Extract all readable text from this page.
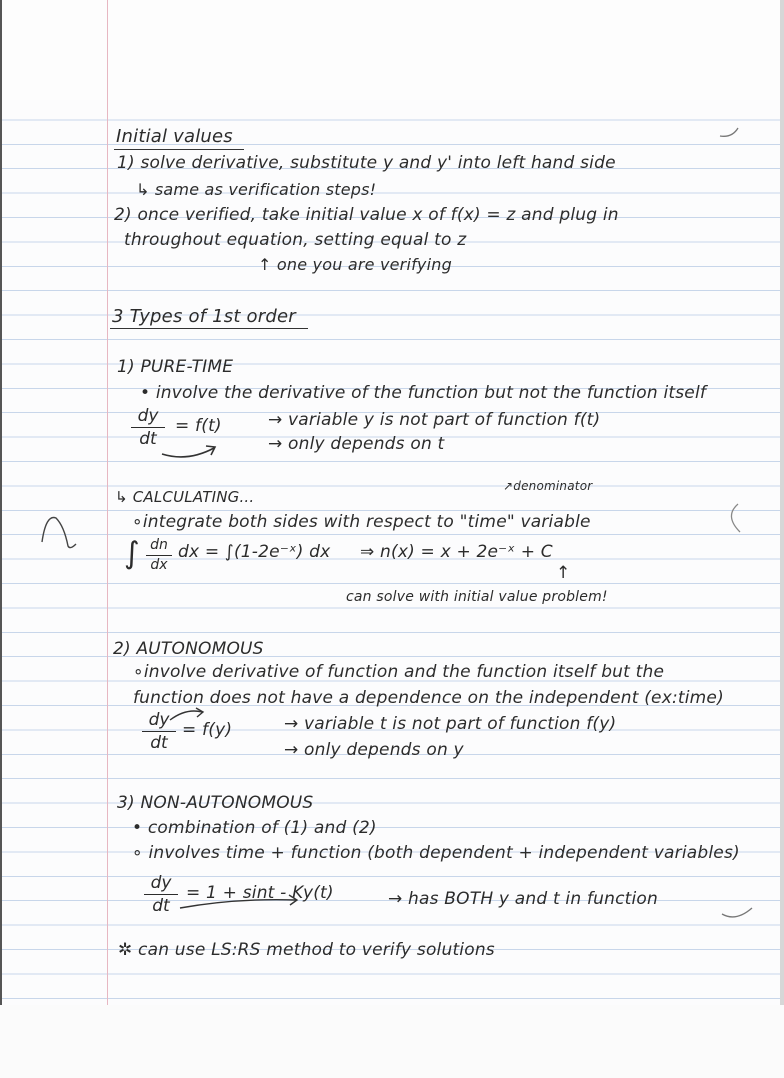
Initial values
1) solve derivative, substitute y and y' into left hand side
↳ same as verification steps!
2) once verified, take initial value x of f(x) = z and plug in
throughout equation, setting equal to z
↑ one you are verifying
3 Types of 1st order
1) PURE-TIME
• involve the derivative of the function but not the function itself
dy
dt
= f(t)	→ variable y is not part of function f(t)
→ only depends on t
↗denominator
↳ CALCULATING...
∘integrate both sides with respect to "time" variable
∫ dn
dx
dx = ∫(1-2e⁻ˣ) dx ⇒ n(x) = x + 2e⁻ˣ + C
↑
can solve with initial value problem!
2) AUTONOMOUS
∘involve derivative of function and the function itself but the
function does not have a dependence on the independent (ex:time)
dy
dt
= f(y)	→ variable t is not part of function f(y)
→ only depends on y
3) NON-AUTONOMOUS
• combination of (1) and (2)
∘ involves time + function (both dependent + independent variables)
dy
dt
= 1 + sint - Ky(t)	→ has BOTH y and t in function
✲ can use LS:RS method to verify solutions
